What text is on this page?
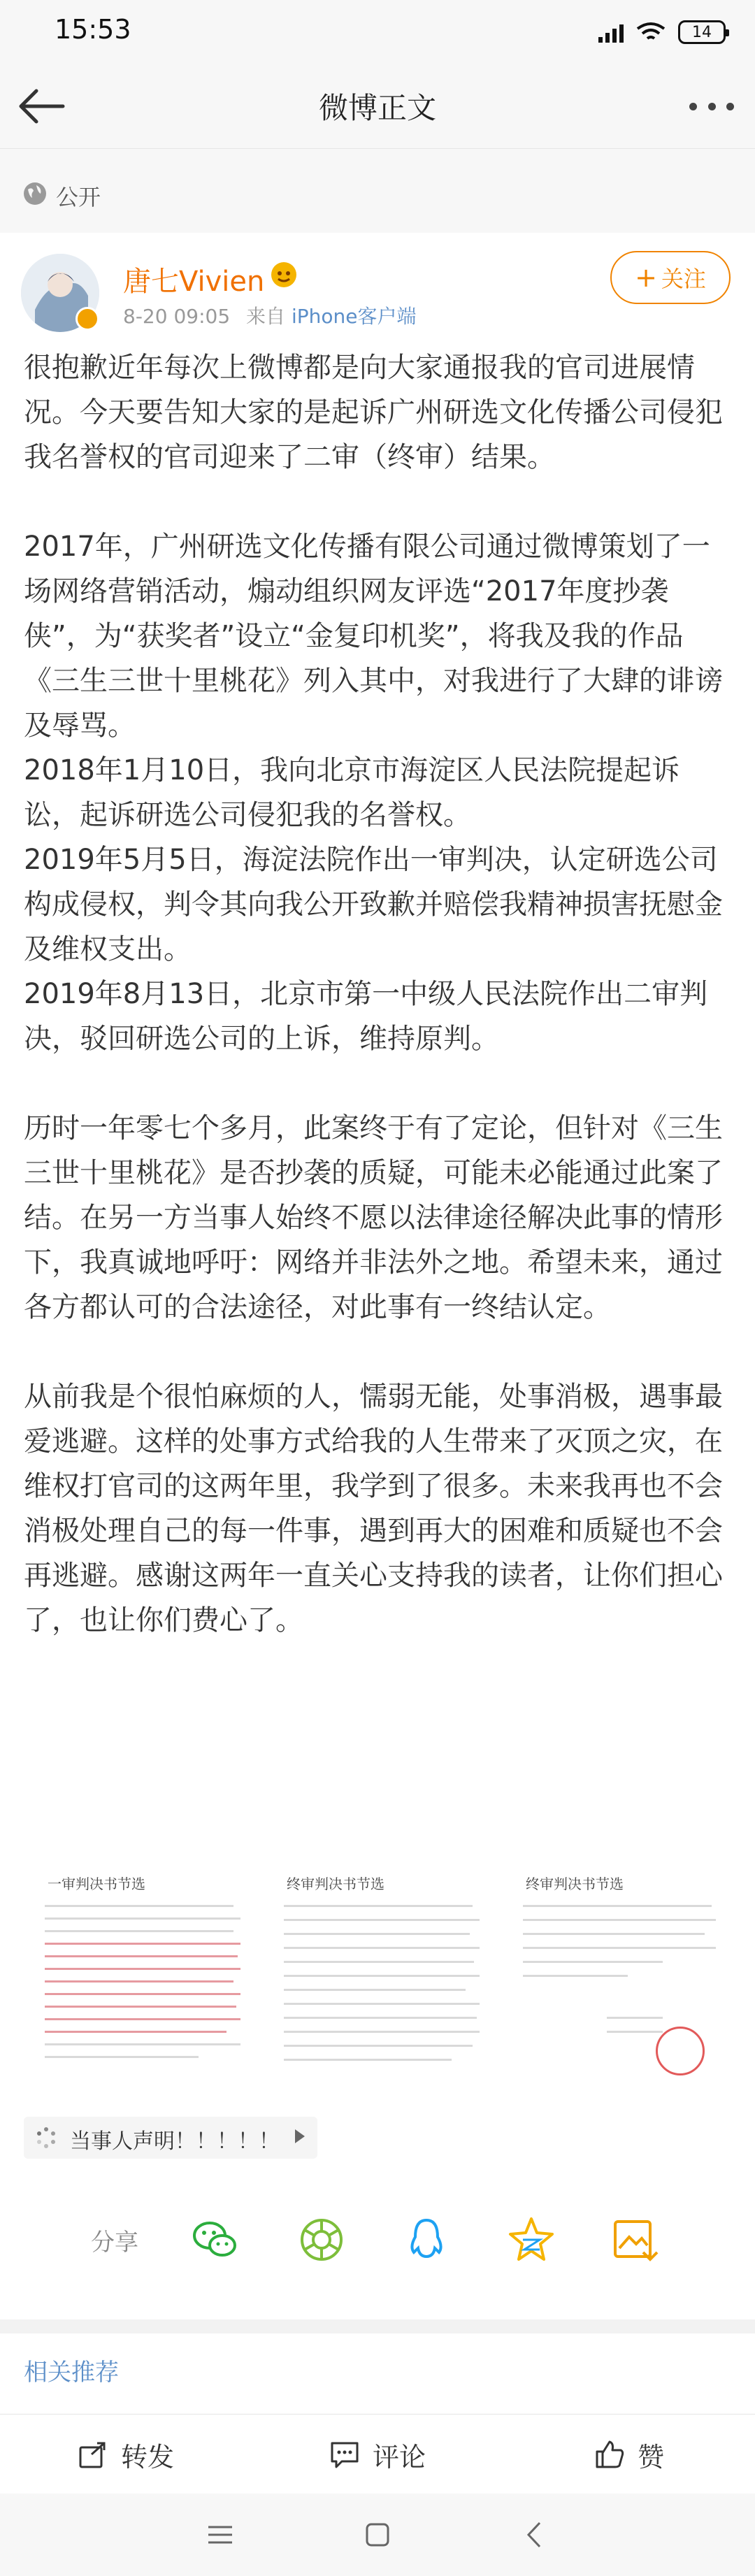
15:53	14
微博正文
公开
唐七Vivien
8-20 09:05 来自 iPhone客户端
+ 关注

很抱歉近年每次上微博都是向大家通报我的官司进展情况。今天要告知大家的是起诉广州研选文化传播公司侵犯我名誉权的官司迎来了二审（终审）结果。

2017年，广州研选文化传播有限公司通过微博策划了一场网络营销活动，煽动组织网友评选“2017年度抄袭侠”，为“获奖者”设立“金复印机奖”，将我及我的作品《三生三世十里桃花》列入其中，对我进行了大肆的诽谤及辱骂。

2018年1月10日，我向北京市海淀区人民法院提起诉讼，起诉研选公司侵犯我的名誉权。

2019年5月5日，海淀法院作出一审判决，认定研选公司构成侵权，判令其向我公开致歉并赔偿我精神损害抚慰金及维权支出。

2019年8月13日，北京市第一中级人民法院作出二审判决，驳回研选公司的上诉，维持原判。

历时一年零七个多月，此案终于有了定论，但针对《三生三世十里桃花》是否抄袭的质疑，可能未必能通过此案了结。在另一方当事人始终不愿以法律途径解决此事的情形下，我真诚地呼吁：网络并非法外之地。希望未来，通过各方都认可的合法途径，对此事有一终结认定。

从前我是个很怕麻烦的人，懦弱无能，处事消极，遇事最爱逃避。这样的处事方式给我的人生带来了灭顶之灾，在维权打官司的这两年里，我学到了很多。未来我再也不会消极处理自己的每一件事，遇到再大的困难和质疑也不会再逃避。感谢这两年一直关心支持我的读者，让你们担心了，也让你们费心了。

一审判决书节选	终审判决书节选	终审判决书节选
当事人声明！！！！！
分享
相关推荐
转发	评论	赞
